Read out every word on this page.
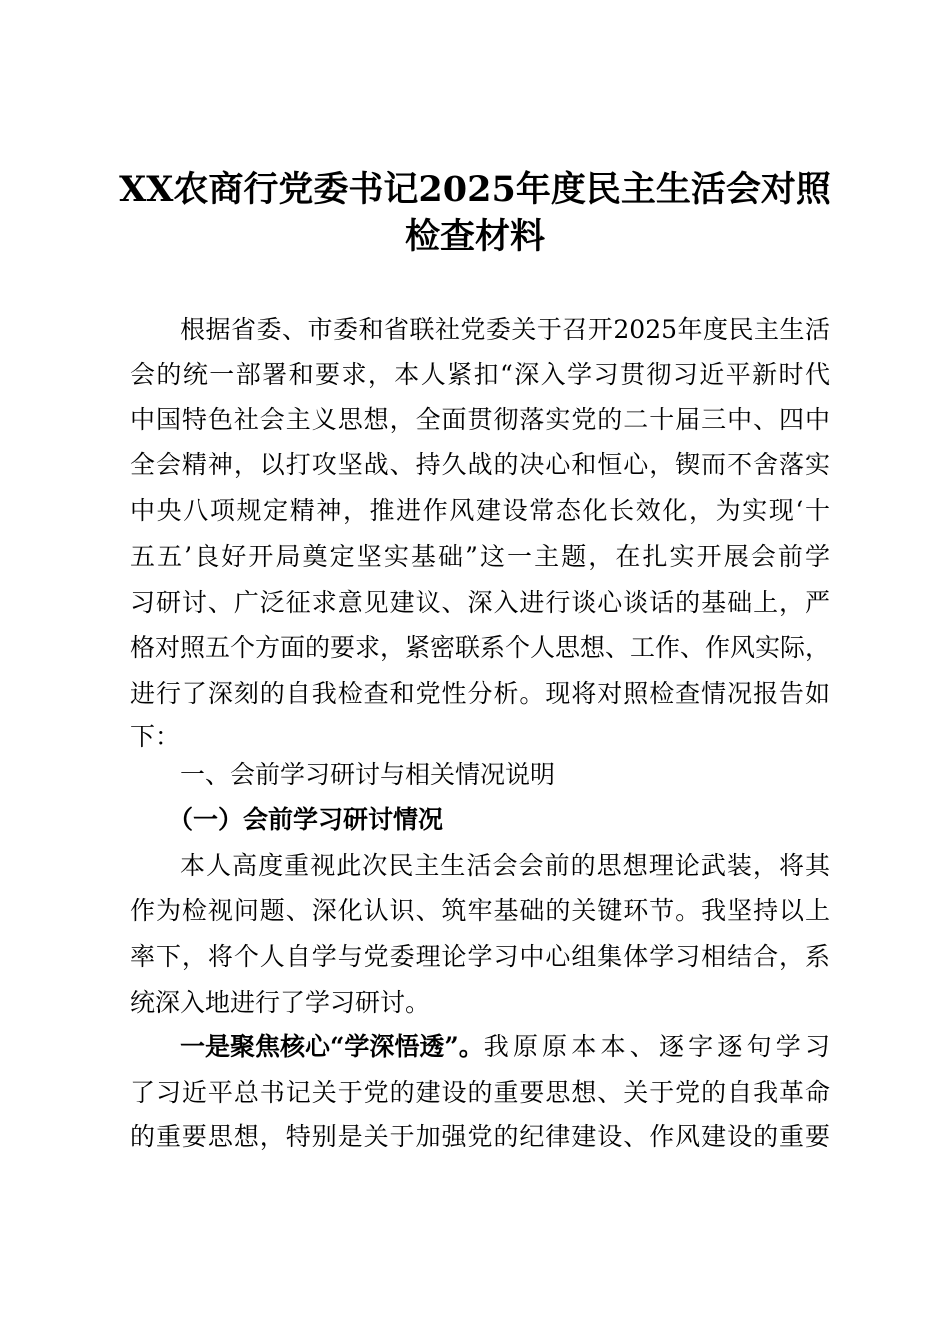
XX农商行党委书记2025年度民主生活会对照
检查材料
根据省委、市委和省联社党委关于召开2025年度民主生活
会的统一部署和要求，本人紧扣“深入学习贯彻习近平新时代
中国特色社会主义思想，全面贯彻落实党的二十届三中、四中
全会精神，以打攻坚战、持久战的决心和恒心，锲而不舍落实
中央八项规定精神，推进作风建设常态化长效化，为实现‘十
五五’良好开局奠定坚实基础”这一主题，在扎实开展会前学
习研讨、广泛征求意见建议、深入进行谈心谈话的基础上，严
格对照五个方面的要求，紧密联系个人思想、工作、作风实际，
进行了深刻的自我检查和党性分析。现将对照检查情况报告如
下：
一、会前学习研讨与相关情况说明
（一）会前学习研讨情况
本人高度重视此次民主生活会会前的思想理论武装，将其
作为检视问题、深化认识、筑牢基础的关键环节。我坚持以上
率下，将个人自学与党委理论学习中心组集体学习相结合，系
统深入地进行了学习研讨。
一是聚焦核心“学深悟透”。 我原原本本、逐字逐句学习
了习近平总书记关于党的建设的重要思想、关于党的自我革命
的重要思想，特别是关于加强党的纪律建设、作风建设的重要
